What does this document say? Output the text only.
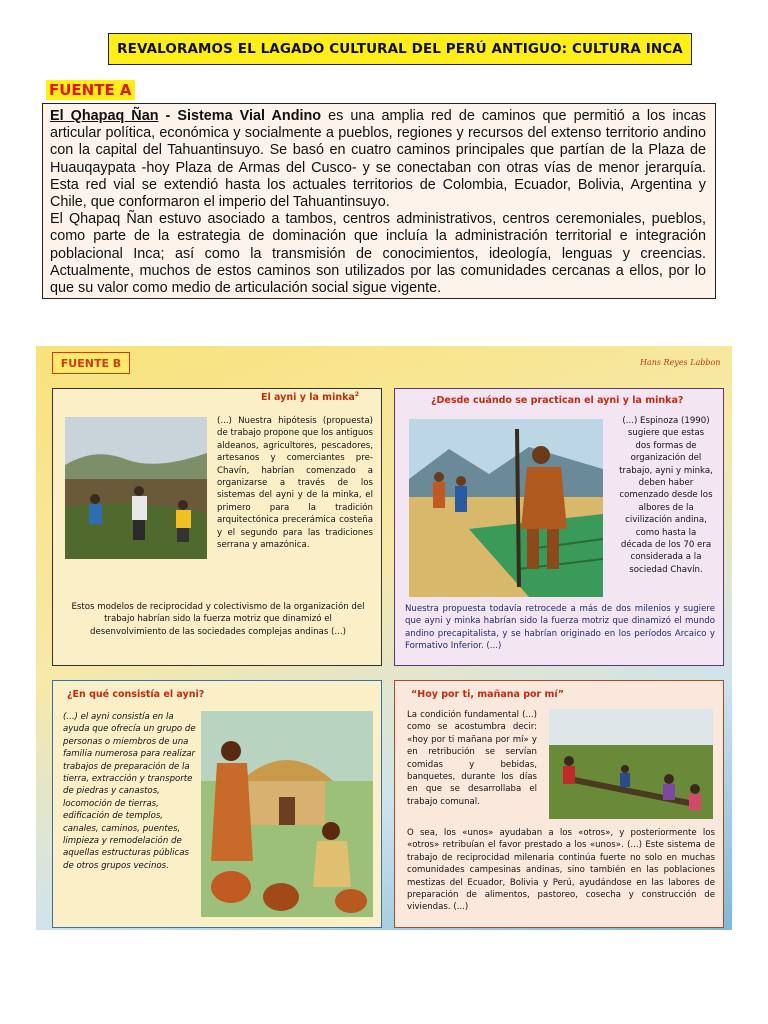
REVALORAMOS EL LAGADO CULTURAL DEL PERÚ ANTIGUO: CULTURA INCA
FUENTE A

El Qhapaq Ñan - Sistema Vial Andino es una amplia red de caminos que permitió a los incas articular política, económica y socialmente a pueblos, regiones y recursos del extenso territorio andino con la capital del Tahuantinsuyo. Se basó en cuatro caminos principales que partían de la Plaza de Huauqaypata -hoy Plaza de Armas del Cusco- y se conectaban con otras vías de menor jerarquía. Esta red vial se extendió hasta los actuales territorios de Colombia, Ecuador, Bolivia, Argentina y Chile, que conformaron el imperio del Tahuantinsuyo.

El Qhapaq Ñan estuvo asociado a tambos, centros administrativos, centros ceremoniales, pueblos, como parte de la estrategia de dominación que incluía la administración territorial e integración poblacional Inca; así como la transmisión de conocimientos, ideología, lenguas y creencias. Actualmente, muchos de estos caminos son utilizados por las comunidades cercanas a ellos, por lo que su valor como medio de articulación social sigue vigente.

FUENTE B	Hans Reyes Labbon
El ayni y la minka$^2$
(...) Nuestra hipótesis (propuesta) de trabajo propone que los antiguos aldeanos, agricultores, pescadores, artesanos y comerciantes pre- Chavín, habrían comenzado a organizarse a través de los sistemas del ayni y de la minka, el primero para la tradición arquitectónica precerámica costeña y el segundo para las tradiciones serrana y amazónica.
Estos modelos de reciprocidad y colectivismo de la organización del trabajo habrían sido la fuerza motriz que dinamizó el desenvolvimiento de las sociedades complejas andinas (...)
¿Desde cuándo se practican el ayni y la minka?
(...) Espinoza (1990) sugiere que estas dos formas de organización del trabajo, ayni y minka, deben haber comenzado desde los albores de la civilización andina, como hasta la década de los 70 era considerada a la sociedad Chavín.
Nuestra propuesta todavía retrocede a más de dos milenios y sugiere que ayni y minka habrían sido la fuerza motriz que dinamizó el mundo andino precapitalista, y se habrían originado en los períodos Arcaico y Formativo Inferior. (...)
¿En qué consistía el ayni?
(...) el ayni consistía en la ayuda que ofrecía un grupo de personas o miembros de una familia numerosa para realizar trabajos de preparación de la tierra, extracción y transporte de piedras y canastos, locomoción de tierras, edificación de templos, canales, caminos, puentes, limpieza y remodelación de aquellas estructuras públicas de otros grupos vecinos.
“Hoy por ti, mañana por mí”
La condición fundamental (...) como se acostumbra decir: «hoy por ti mañana por mí» y en retribución se servían comidas y bebidas, banquetes, durante los días en que se desarrollaba el trabajo comunal.
O sea, los «unos» ayudaban a los «otros», y posteriormente los «otros» retribuían el favor prestado a los «unos». (...) Este sistema de trabajo de reciprocidad milenaria continúa fuerte no solo en muchas comunidades campesinas andinas, sino también en las poblaciones mestizas del Ecuador, Bolivia y Perú, ayudándose en las labores de preparación de alimentos, pastoreo, cosecha y construcción de viviendas. (...)
